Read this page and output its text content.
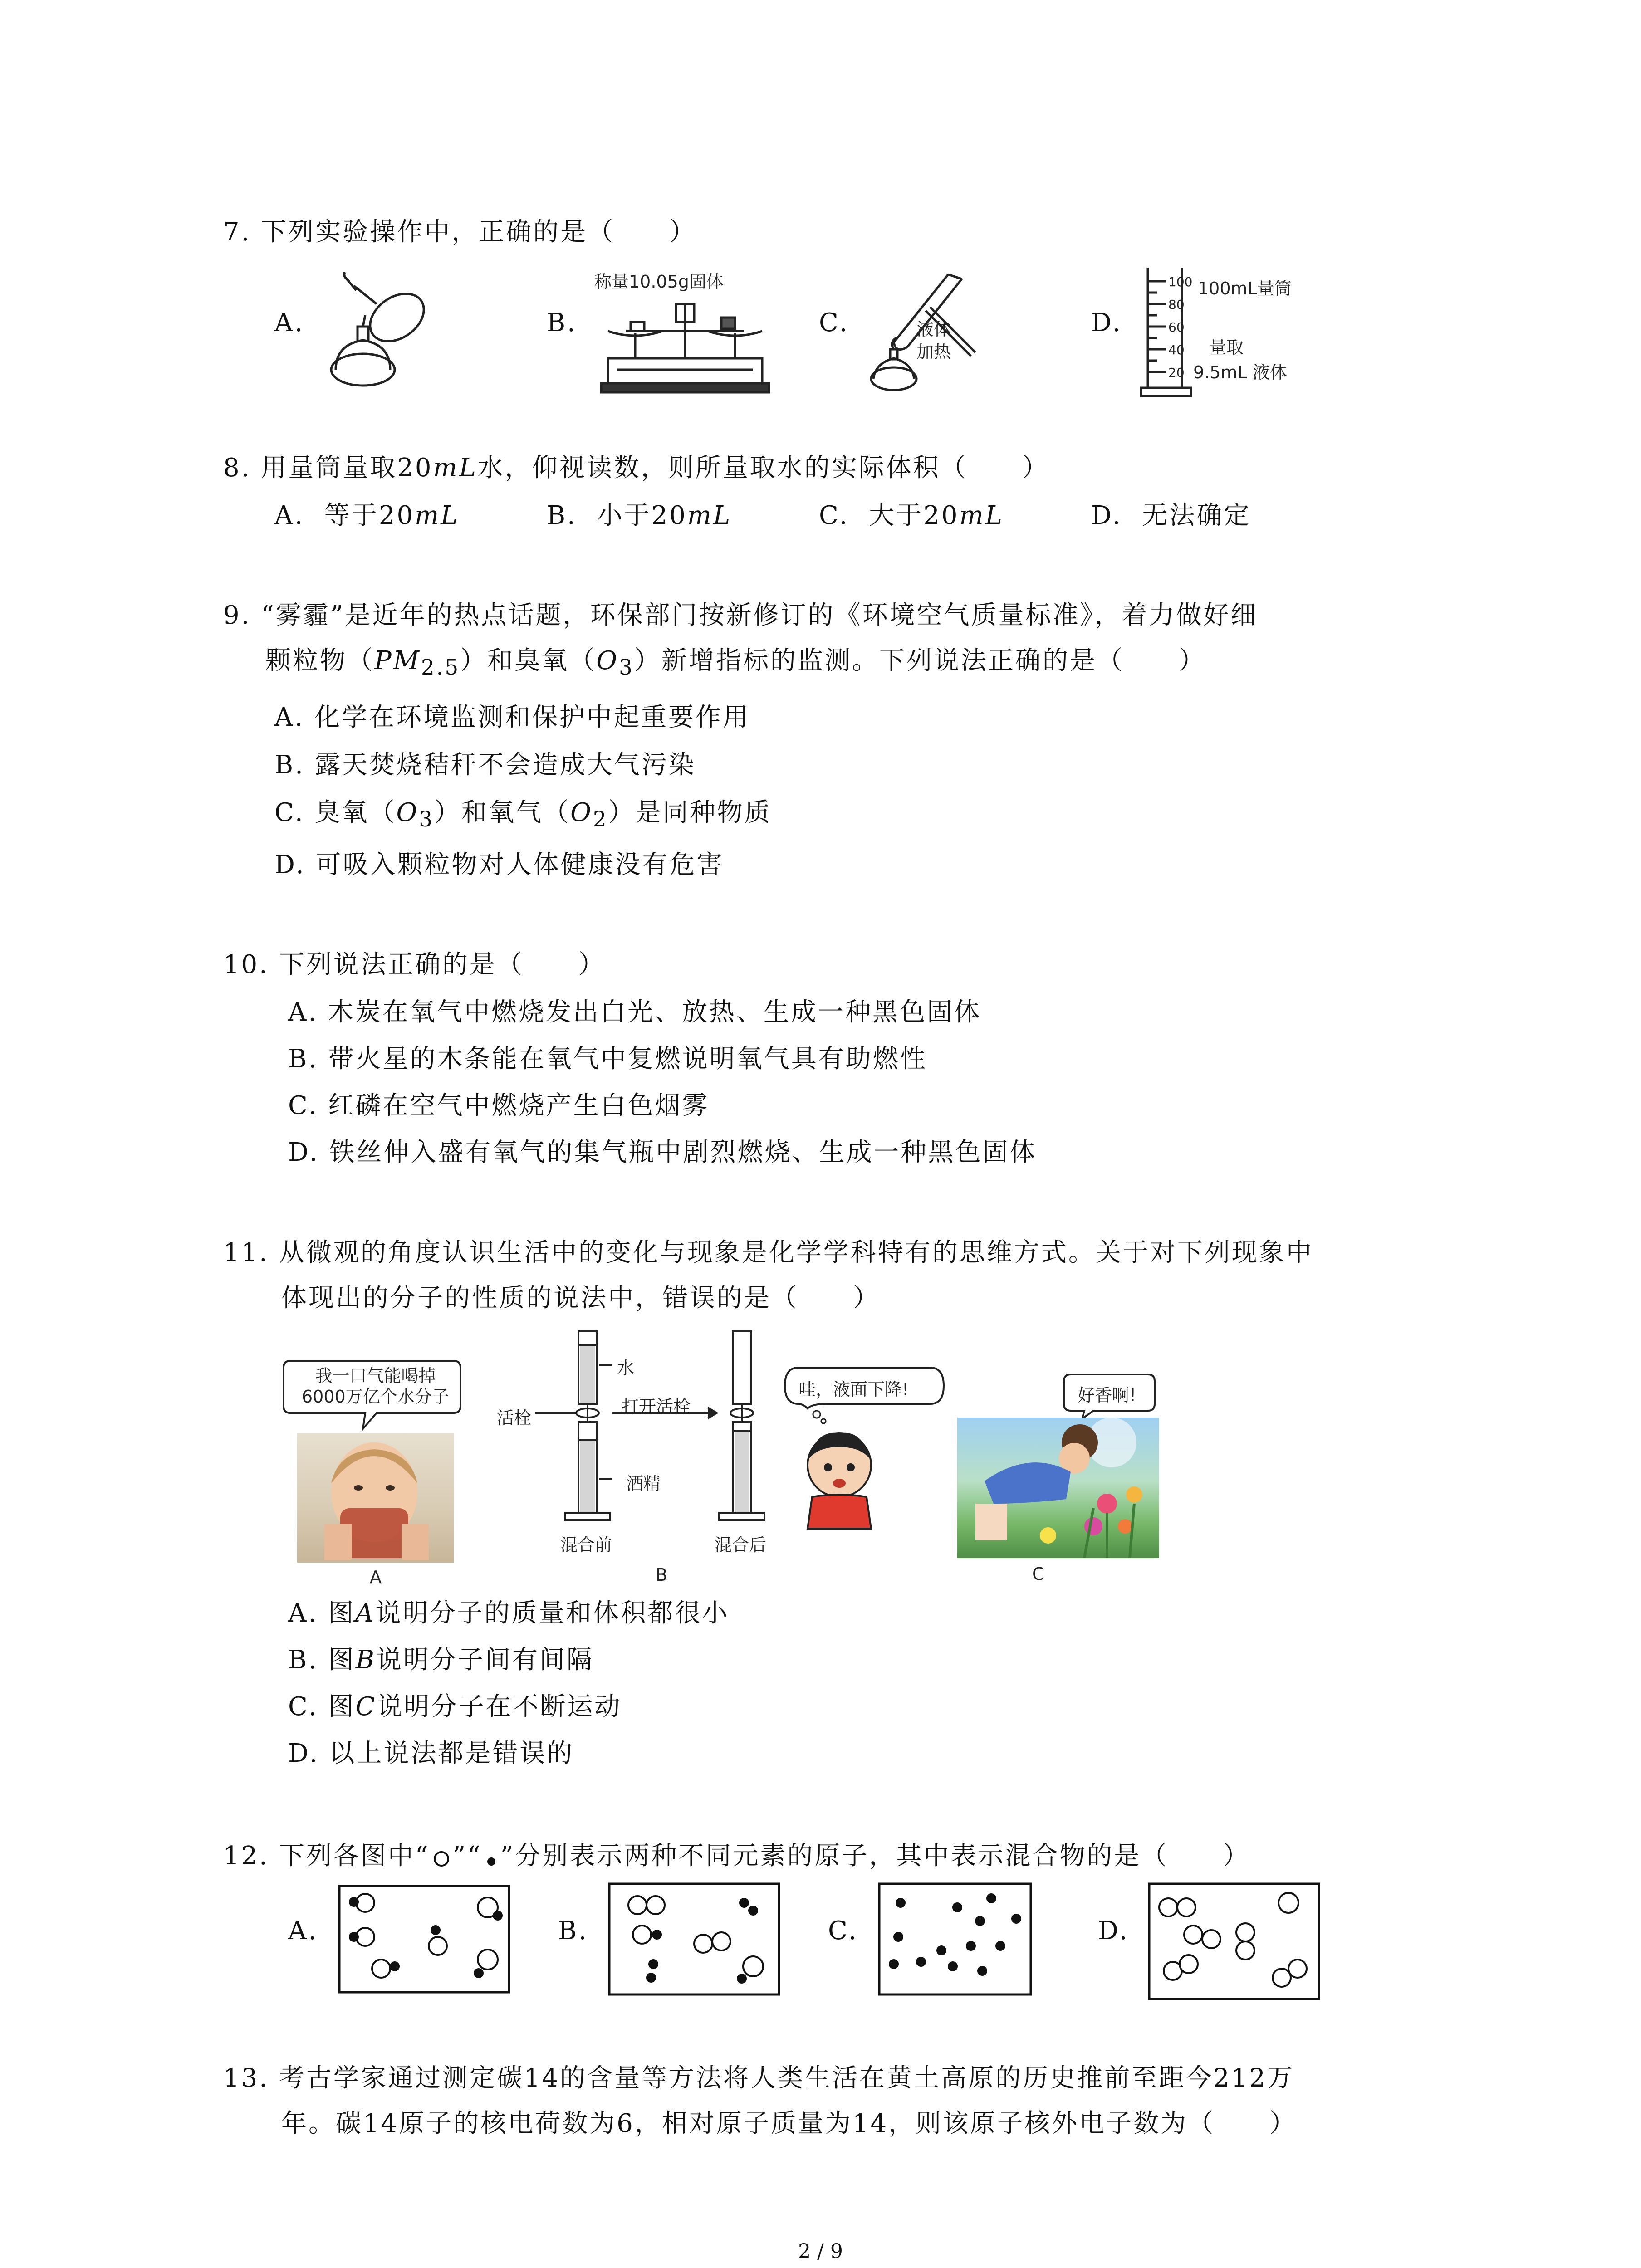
7. 下列实验操作中，正确的是（　　）
A.	B.	C.	D.
称量10.05g固体
液体
加热
100
80
60
40
20
100mL量筒
量取
9.5mL 液体
8. 用量筒量取20mL水，仰视读数，则所量取水的实际体积（　　）
A. 等于20mL	B. 小于20mL	C. 大于20mL	D. 无法确定
9. “雾霾”是近年的热点话题，环保部门按新修订的《环境空气质量标准》，着力做好细
颗粒物$(PM_{2.5})$和臭氧$(O_3)$新增指标的监测。下列说法正确的是（　　）
A. 化学在环境监测和保护中起重要作用
B. 露天焚烧秸秆不会造成大气污染
C. 臭氧$(O_3)$和氧气$(O_2)$是同种物质
D. 可吸入颗粒物对人体健康没有危害
10. 下列说法正确的是（　　）
A. 木炭在氧气中燃烧发出白光、放热、生成一种黑色固体
B. 带火星的木条能在氧气中复燃说明氧气具有助燃性
C. 红磷在空气中燃烧产生白色烟雾
D. 铁丝伸入盛有氧气的集气瓶中剧烈燃烧、生成一种黑色固体
11. 从微观的角度认识生活中的变化与现象是化学学科特有的思维方式。关于对下列现象中
体现出的分子的性质的说法中，错误的是（　　）
我一口气能喝掉
6000万亿个水分子
A
水
活栓
打开活栓
酒精
混合前	混合后
B
哇，液面下降!	好香啊!
C
A. 图A说明分子的质量和体积都很小
B. 图B说明分子间有间隔
C. 图C说明分子在不断运动
D. 以上说法都是错误的
12. 下列各图中“ ”“ ”分别表示两种不同元素的原子，其中表示混合物的是（　　）
A.	B.	C.	D.
13. 考古学家通过测定碳14的含量等方法将人类生活在黄土高原的历史推前至距今212万
年。碳14原子的核电荷数为6，相对原子质量为14，则该原子核外电子数为（　　）
2 / 9
